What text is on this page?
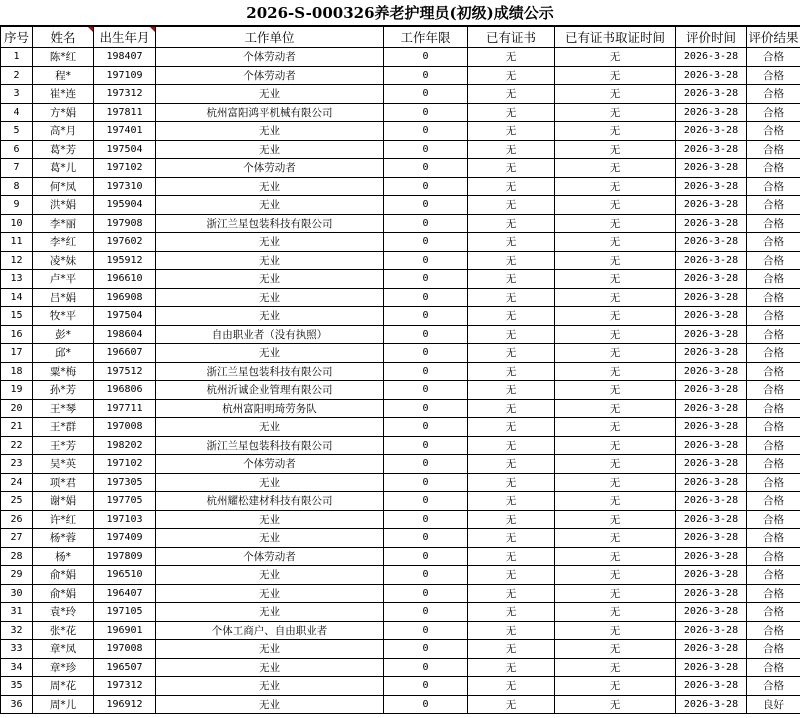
2026-S-000326养老护理员(初级)成绩公示
序号	姓名	出生年月	工作单位	工作年限	已有证书	已有证书取证时间	评价时间	评价结果
1	陈*红	198407	个体劳动者	0	无	无	2026-3-28	合格
2	程*	197109	个体劳动者	0	无	无	2026-3-28	合格
3	崔*连	197312	无业	0	无	无	2026-3-28	合格
4	方*娟	197811	杭州富阳鸿平机械有限公司	0	无	无	2026-3-28	合格
5	高*月	197401	无业	0	无	无	2026-3-28	合格
6	葛*芳	197504	无业	0	无	无	2026-3-28	合格
7	葛*儿	197102	个体劳动者	0	无	无	2026-3-28	合格
8	何*凤	197310	无业	0	无	无	2026-3-28	合格
9	洪*娟	195904	无业	0	无	无	2026-3-28	合格
10	李*丽	197908	浙江兰星包装科技有限公司	0	无	无	2026-3-28	合格
11	李*红	197602	无业	0	无	无	2026-3-28	合格
12	凌*妹	195912	无业	0	无	无	2026-3-28	合格
13	卢*平	196610	无业	0	无	无	2026-3-28	合格
14	吕*娟	196908	无业	0	无	无	2026-3-28	合格
15	牧*平	197504	无业	0	无	无	2026-3-28	合格
16	彭*	198604	自由职业者（没有执照）	0	无	无	2026-3-28	合格
17	邱*	196607	无业	0	无	无	2026-3-28	合格
18	粟*梅	197512	浙江兰星包装科技有限公司	0	无	无	2026-3-28	合格
19	孙*芳	196806	杭州沂诚企业管理有限公司	0	无	无	2026-3-28	合格
20	王*琴	197711	杭州富阳明琦劳务队	0	无	无	2026-3-28	合格
21	王*群	197008	无业	0	无	无	2026-3-28	合格
22	王*芳	198202	浙江兰星包装科技有限公司	0	无	无	2026-3-28	合格
23	吴*英	197102	个体劳动者	0	无	无	2026-3-28	合格
24	项*君	197305	无业	0	无	无	2026-3-28	合格
25	谢*娟	197705	杭州耀松建材科技有限公司	0	无	无	2026-3-28	合格
26	许*红	197103	无业	0	无	无	2026-3-28	合格
27	杨*蓉	197409	无业	0	无	无	2026-3-28	合格
28	杨*	197809	个体劳动者	0	无	无	2026-3-28	合格
29	俞*娟	196510	无业	0	无	无	2026-3-28	合格
30	俞*娟	196407	无业	0	无	无	2026-3-28	合格
31	袁*玲	197105	无业	0	无	无	2026-3-28	合格
32	张*花	196901	个体工商户、自由职业者	0	无	无	2026-3-28	合格
33	章*凤	197008	无业	0	无	无	2026-3-28	合格
34	章*珍	196507	无业	0	无	无	2026-3-28	合格
35	周*花	197312	无业	0	无	无	2026-3-28	合格
36	周*儿	196912	无业	0	无	无	2026-3-28	良好
